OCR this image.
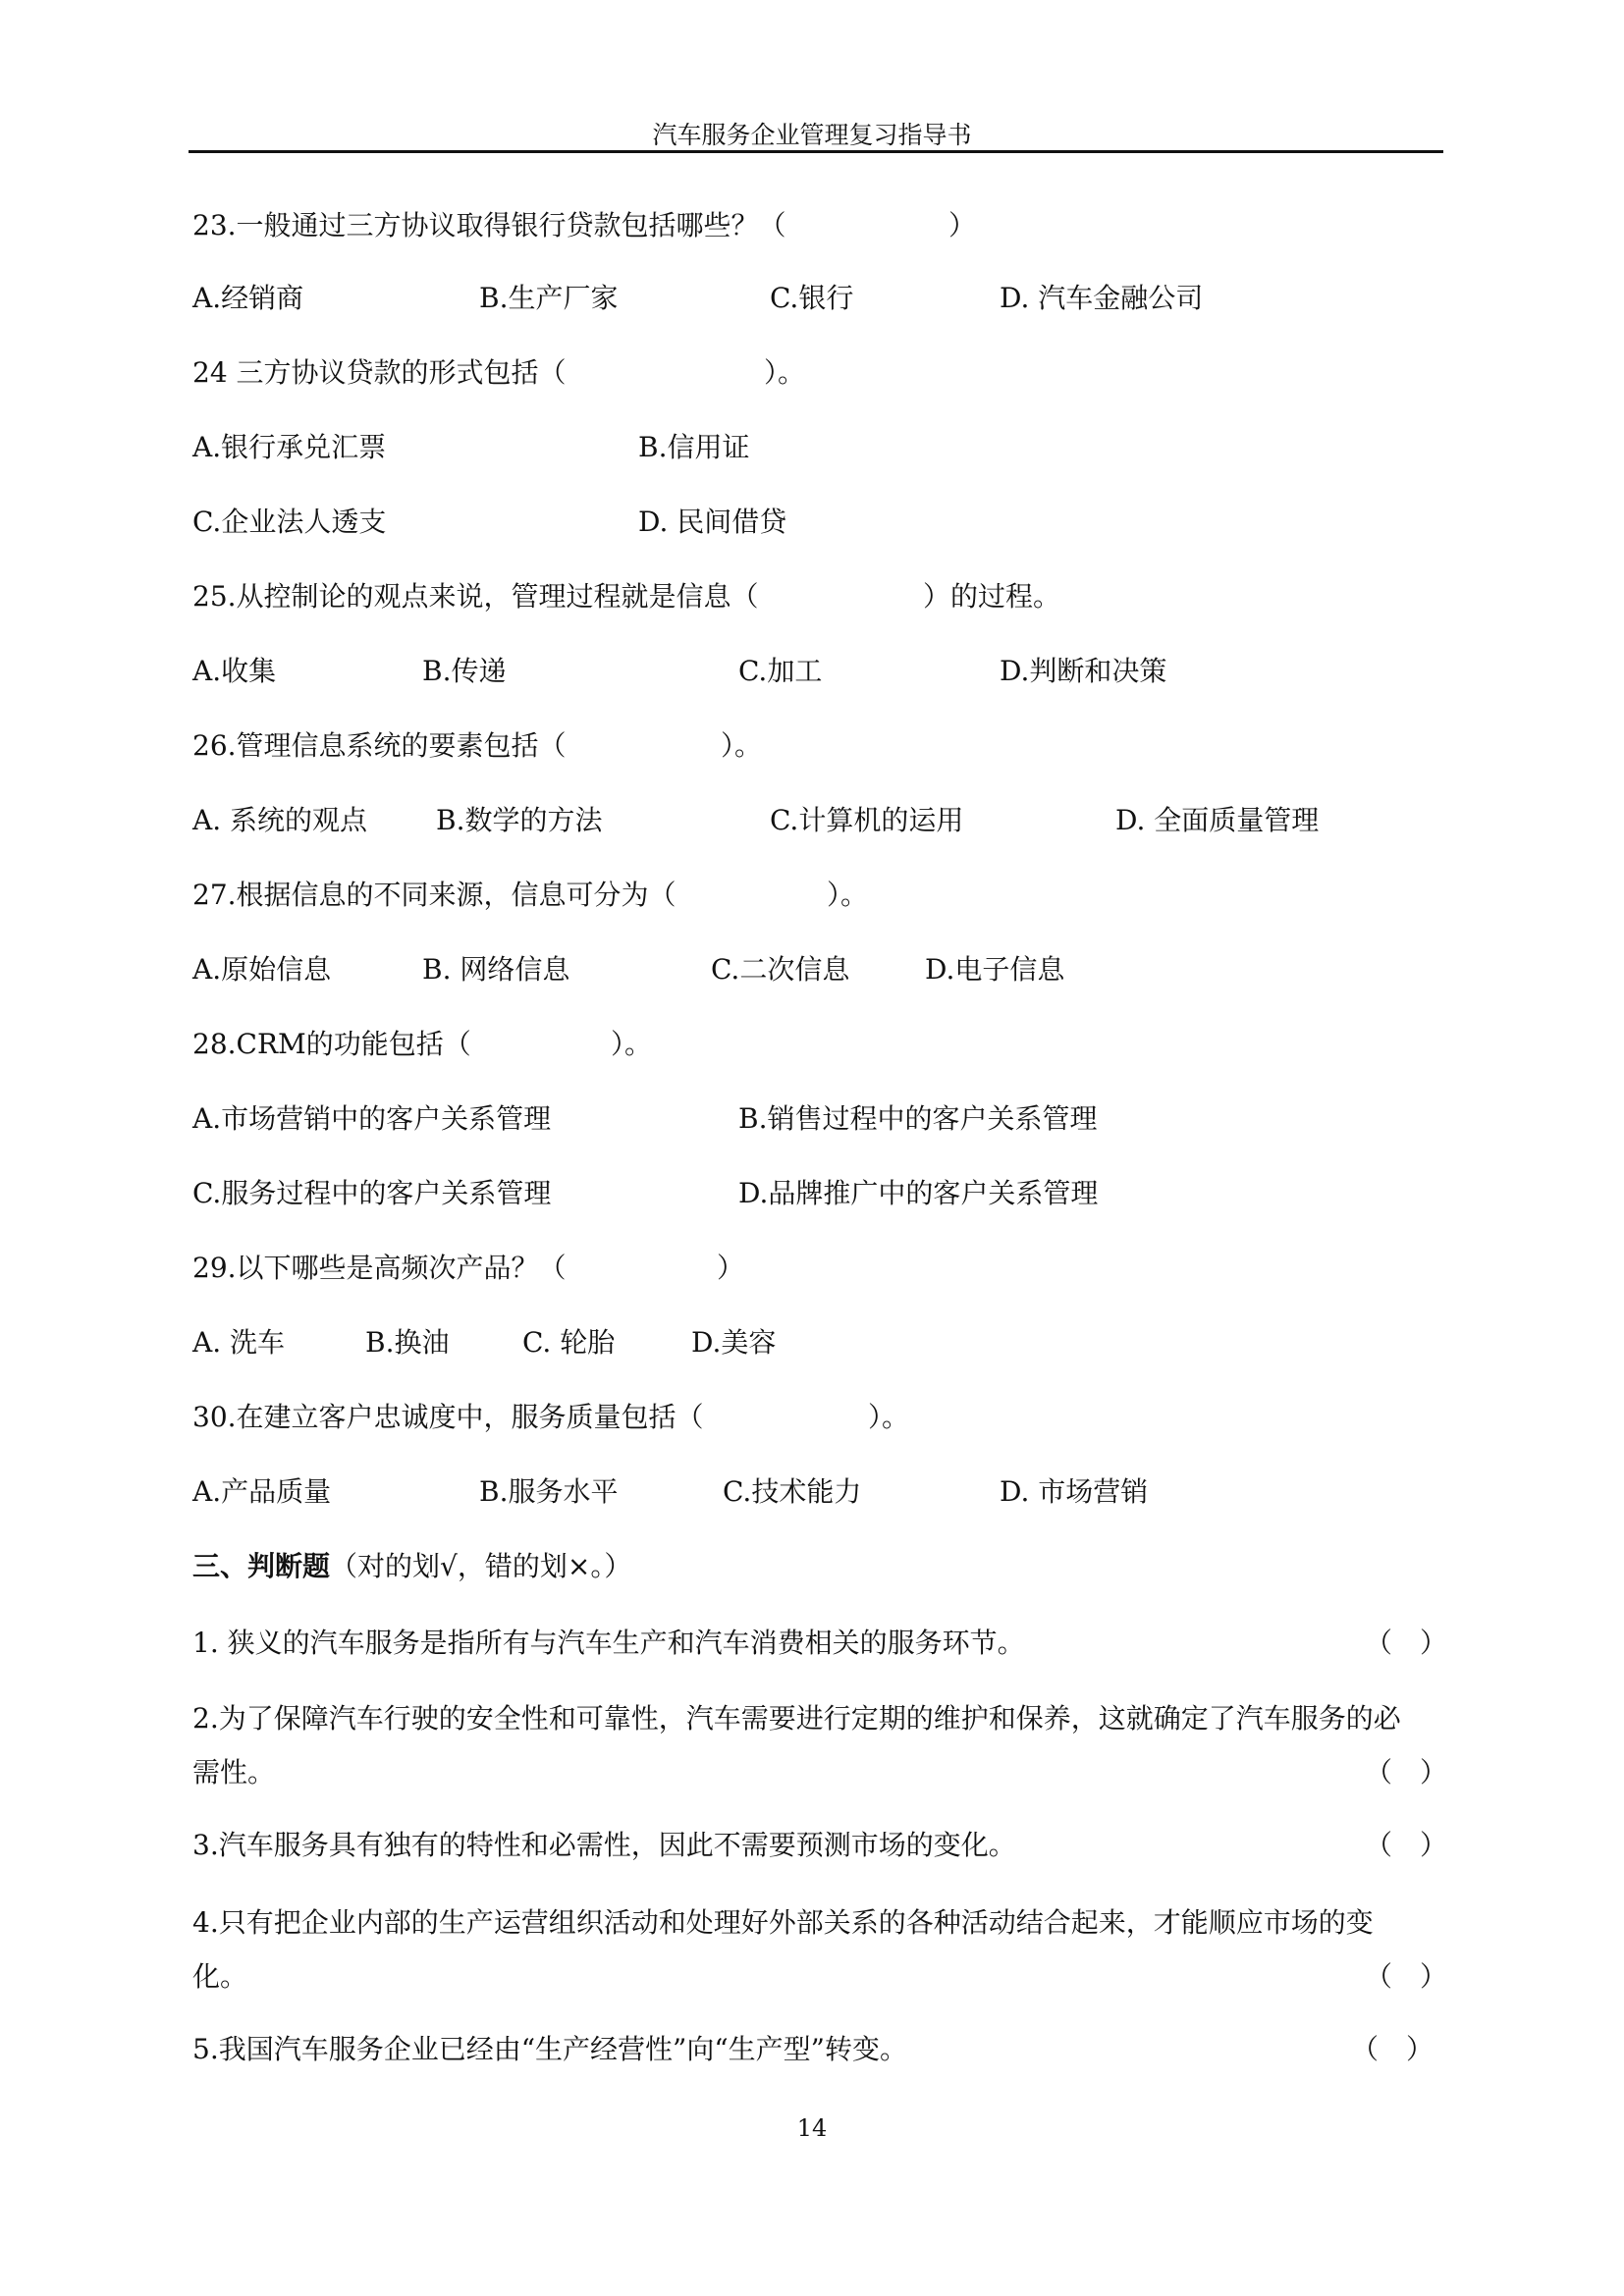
汽车服务企业管理复习指导书
23.一般通过三方协议取得银行贷款包括哪些？（	）
A.经销商	B.生产厂家	C.银行	D. 汽车金融公司
24 三方协议贷款的形式包括（	）。
A.银行承兑汇票	B.信用证
C.企业法人透支	D. 民间借贷
25.从控制论的观点来说，管理过程就是信息（	）的过程。
A.收集	B.传递	C.加工	D.判断和决策
26.管理信息系统的要素包括（	）。
A. 系统的观点 B.数学的方法	C.计算机的运用	D. 全面质量管理
27.根据信息的不同来源，信息可分为（	）。
A.原始信息	B. 网络信息	C.二次信息	D.电子信息
28.CRM的功能包括（	）。
A.市场营销中的客户关系管理	B.销售过程中的客户关系管理
C.服务过程中的客户关系管理	D.品牌推广中的客户关系管理
29.以下哪些是高频次产品？（	）
A. 洗车	B.换油	C. 轮胎	D.美容
30.在建立客户忠诚度中，服务质量包括（	）。
A.产品质量	B.服务水平	C.技术能力	D. 市场营销
三、判断题（对的划√，错的划×。）
1. 狭义的汽车服务是指所有与汽车生产和汽车消费相关的服务环节。	（　）
2.为了保障汽车行驶的安全性和可靠性，汽车需要进行定期的维护和保养，这就确定了汽车服务的必
需性。	（　）
3.汽车服务具有独有的特性和必需性，因此不需要预测市场的变化。	（　）
4.只有把企业内部的生产运营组织活动和处理好外部关系的各种活动结合起来，才能顺应市场的变
化。	（　）
5.我国汽车服务企业已经由“生产经营性”向“生产型”转变。	（　）
14
